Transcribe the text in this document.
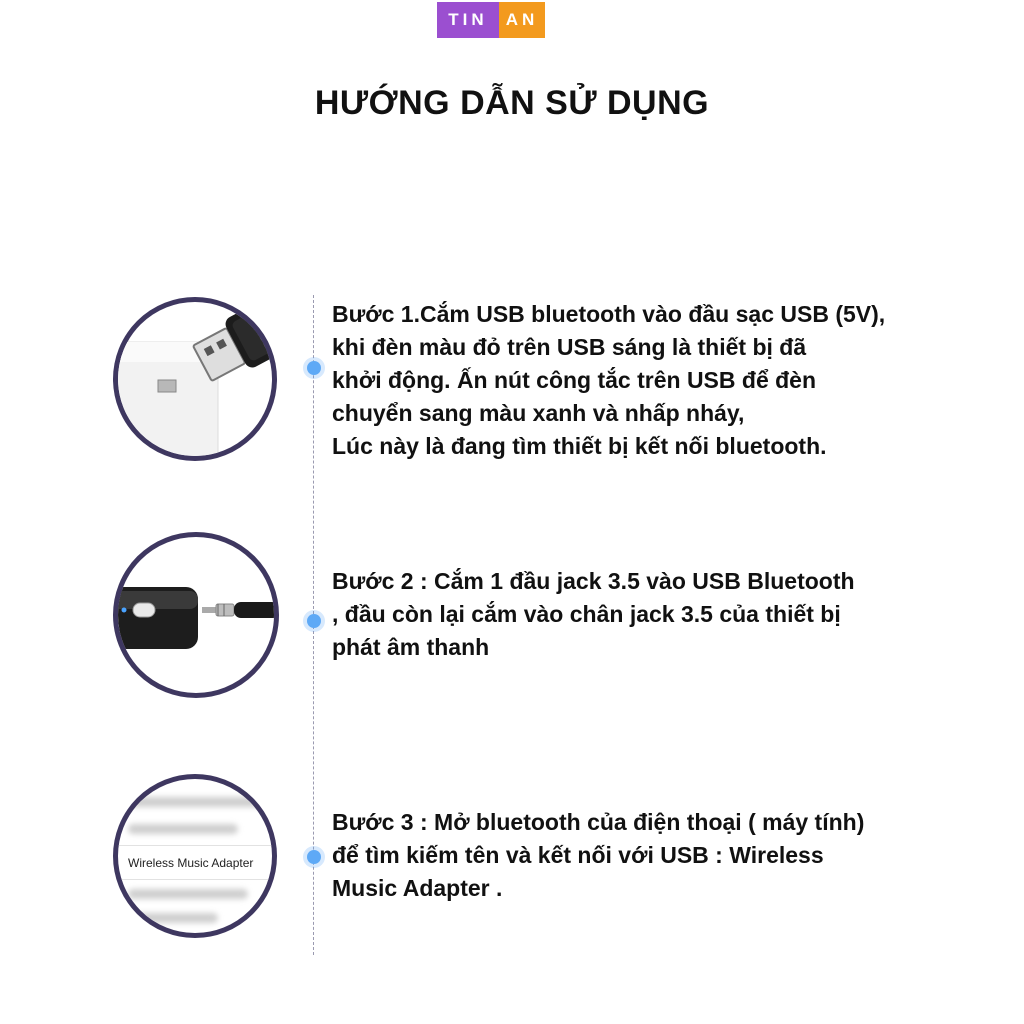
TIN AN
HƯỚNG DẪN SỬ DỤNG
Wireless Music Adapter
Bước 1.Cắm USB bluetooth vào đầu sạc USB (5V),
khi đèn màu đỏ trên USB sáng là thiết bị đã
khởi động. Ấn nút công tắc trên USB để đèn
chuyển sang màu xanh và nhấp nháy,
Lúc này là đang tìm thiết bị kết nối bluetooth.
Bước 2 : Cắm 1 đầu jack 3.5 vào USB Bluetooth
, đầu còn lại cắm vào chân jack 3.5 của thiết bị
phát âm thanh
Bước 3 : Mở bluetooth của điện thoại ( máy tính)
để tìm kiếm tên và kết nối với USB : Wireless
Music Adapter .
